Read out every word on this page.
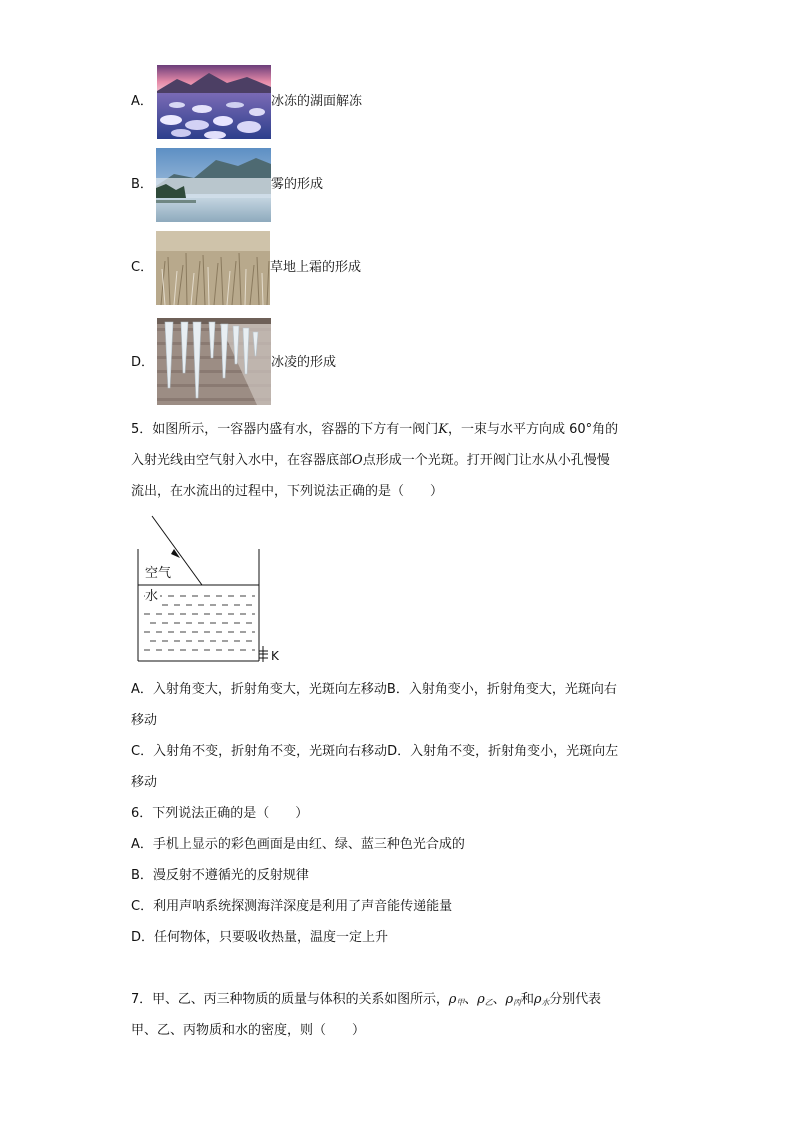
A．	冰冻的湖面解冻
B．	雾的形成
C．	草地上霜的形成
D．	冰凌的形成
5．如图所示，一容器内盛有水，容器的下方有一阀门K，一束与水平方向成 60°角的
入射光线由空气射入水中，在容器底部O点形成一个光斑。打开阀门让水从小孔慢慢
流出，在水流出的过程中，下列说法正确的是（　　）
空气
水
K
A．入射角变大，折射角变大，光斑向左移动B．入射角变小，折射角变大，光斑向右
移动
C．入射角不变，折射角不变，光斑向右移动D．入射角不变，折射角变小，光斑向左
移动
6．下列说法正确的是（　　）
A．手机上显示的彩色画面是由红、绿、蓝三种色光合成的
B．漫反射不遵循光的反射规律
C．利用声呐系统探测海洋深度是利用了声音能传递能量
D．任何物体，只要吸收热量，温度一定上升
7．甲、乙、丙三种物质的质量与体积的关系如图所示，$\rho_甲$、$\rho_乙$、$\rho_丙$和$\rho_水$分别代表
甲、乙、丙物质和水的密度，则（　　）
